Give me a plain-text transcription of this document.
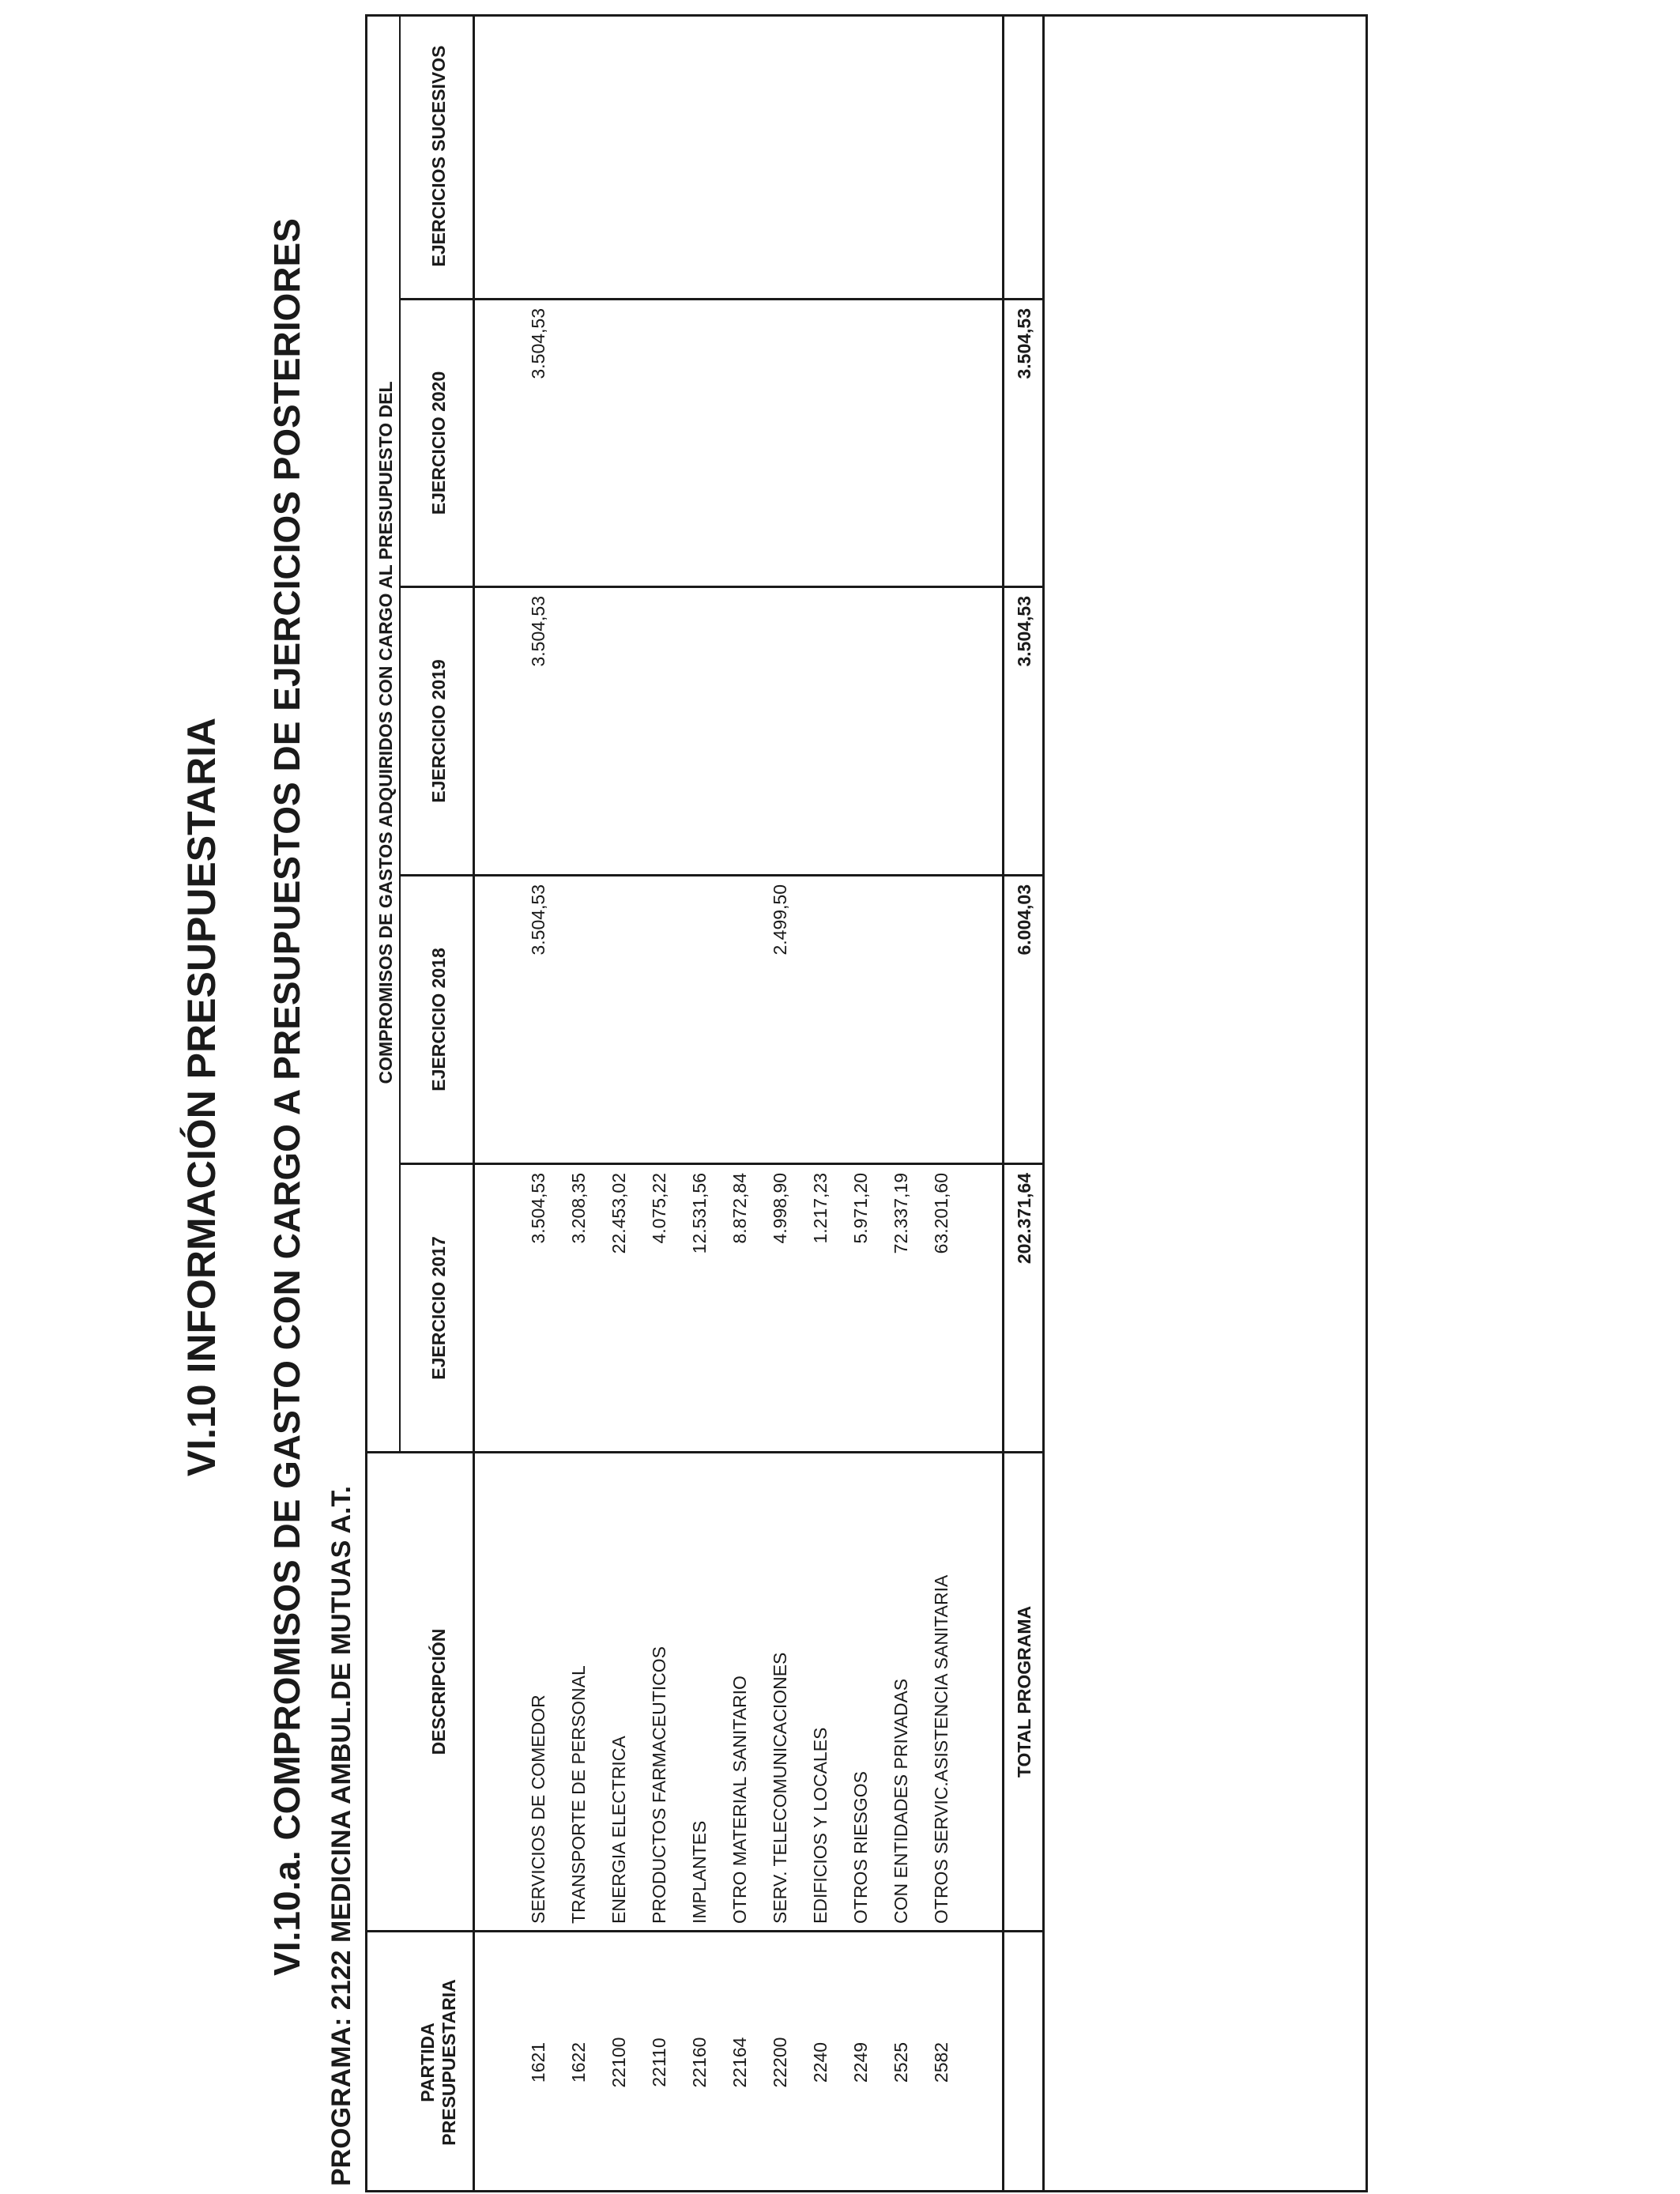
VI.10 INFORMACIÓN PRESUPUESTARIA VI.10.a. COMPROMISOS DE GASTO CON CARGO A PRESUPUESTOS DE EJERCICIOS POSTERIORES PROGRAMA: 2122 MEDICINA AMBUL.DE MUTUAS A.T.	PARTIDA PRESUPUESTARIA
DESCRIPCIÓN
COMPROMISOS DE GASTOS ADQUIRIDOS CON CARGO AL PRESUPUESTO DEL
EJERCICIO 2017
EJERCICIO 2018
EJERCICIO 2019
EJERCICIO 2020
EJERCICIOS SUCESIVOS
1621
SERVICIOS DE COMEDOR
3.504,53
3.504,53
3.504,53
3.504,53
1622
TRANSPORTE DE PERSONAL
3.208,35
22100
ENERGIA ELECTRICA
22.453,02
22110
PRODUCTOS FARMACEUTICOS
4.075,22
22160
IMPLANTES
12.531,56
22164
OTRO MATERIAL SANITARIO
8.872,84
22200
SERV. TELECOMUNICACIONES
4.998,90
2.499,50
2240
EDIFICIOS Y LOCALES
1.217,23
2249
OTROS RIESGOS
5.971,20
2525
CON ENTIDADES PRIVADAS
72.337,19
2582
OTROS SERVIC.ASISTENCIA SANITARIA
63.201,60
TOTAL PROGRAMA
202.371,64
6.004,03
3.504,53
3.504,53
